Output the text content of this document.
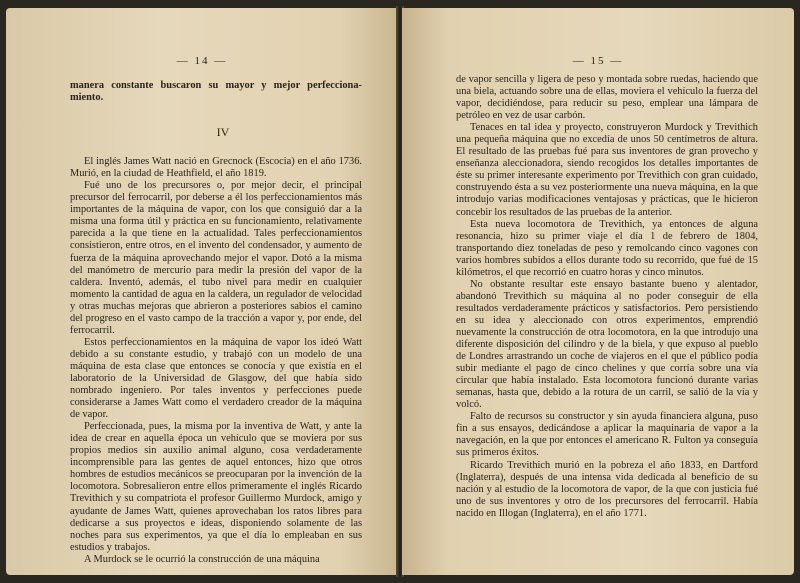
— 14 —

manera constante buscaron su mayor y mejor perfecciona-miento.

IV

El inglés James Watt nació en Grecnock (Escocia) en el año 1736. Murió, en la ciudad de Heathfield, el año 1819.

Fué uno de los precursores o, por mejor decir, el principal precursor del ferrocarril, por deberse a él los perfeccionamientos más importantes de la máquina de vapor, con los que consiguió dar a la misma una forma útil y práctica en su funcionamiento, relativamente parecida a la que tiene en la actualidad. Tales perfeccionamientos consistieron, entre otros, en el invento del condensador, y aumento de fuerza de la máquina aprovechando mejor el vapor. Dotó a la misma del manómetro de mercurio para medir la presión del vapor de la caldera. Inventó, además, el tubo nivel para medir en cualquier momento la cantidad de agua en la caldera, un regulador de velocidad y otras muchas mejoras que abrieron a posteriores sabios el camino del progreso en el vasto campo de la tracción a vapor y, por ende, del ferrocarril.

Estos perfeccionamientos en la máquina de vapor los ideó Watt debido a su constante estudio, y trabajó con un modelo de una máquina de esta clase que entonces se conocía y que existía en el laboratorio de la Universidad de Glasgow, del que había sido nombrado ingeniero. Por tales inventos y perfecciones puede considerarse a James Watt como el verdadero creador de la máquina de vapor.

Perfeccionada, pues, la misma por la inventiva de Watt, y ante la idea de crear en aquella época un vehículo que se moviera por sus propios medios sin auxilio animal alguno, cosa verdaderamente incomprensible para las gentes de aquel entonces, hizo que otros hombres de estudios mecánicos se preocuparan por la invención de la locomotora. Sobresalieron entre ellos primeramente el inglés Ricardo Trevithich y su compatriota el profesor Guillermo Murdock, amigo y ayudante de James Watt, quienes aprovechaban los ratos libres para dedicarse a sus proyectos e ideas, disponiendo solamente de las noches para sus experimentos, ya que el día lo empleaban en sus estudios y trabajos.

A Murdock se le ocurrió la construcción de una máquina

— 15 —

de vapor sencilla y ligera de peso y montada sobre ruedas, haciendo que una biela, actuando sobre una de ellas, moviera el vehículo la fuerza del vapor, decidiéndose, para reducir su peso, emplear una lámpara de petróleo en vez de usar carbón.

Tenaces en tal idea y proyecto, construyeron Murdock y Trevithich una pequeña máquina que no excedía de unos 50 centímetros de altura. El resultado de las pruebas fué para sus inventores de gran provecho y enseñanza aleccionadora, siendo recogidos los detalles importantes de éste su primer interesante experimento por Trevithich con gran cuidado, construyendo ésta a su vez posteriormente una nueva máquina, en la que introdujo varias modificaciones ventajosas y prácticas, que le hicieron concebir los resultados de las pruebas de la anterior.

Esta nueva locomotora de Trevithich, ya entonces de alguna resonancia, hizo su primer viaje el día 1 de febrero de 1804, transportando diez toneladas de peso y remolcando cinco vagones con varios hombres subidos a ellos durante todo su recorrido, que fué de 15 kilómetros, el que recorrió en cuatro horas y cinco minutos.

No obstante resultar este ensayo bastante bueno y alentador, abandonó Trevithich su máquina al no poder conseguir de ella resultados verdaderamente prácticos y satisfactorios. Pero persistiendo en su idea y aleccionado con otros experimentos, emprendió nuevamente la construcción de otra locomotora, en la que introdujo una diferente disposición del cilindro y de la biela, y que expuso al pueblo de Londres arrastrando un coche de viajeros en el que el público podía subir mediante el pago de cinco chelines y que corría sobre una vía circular que había instalado. Esta locomotora funcionó durante varias semanas, hasta que, debido a la rotura de un carril, se salió de la vía y volcó.

Falto de recursos su constructor y sin ayuda financiera alguna, puso fin a sus ensayos, dedicándose a aplicar la maquinaria de vapor a la navegación, en la que por entonces el americano R. Fulton ya conseguía sus primeros éxitos.

Ricardo Trevithich murió en la pobreza el año 1833, en Dartford (Inglaterra), después de una intensa vida dedicada al beneficio de su nación y al estudio de la locomotora de vapor, de la que con justicia fué uno de sus inventores y otro de los precursores del ferrocarril. Había nacido en Illogan (Inglaterra), en el año 1771.
